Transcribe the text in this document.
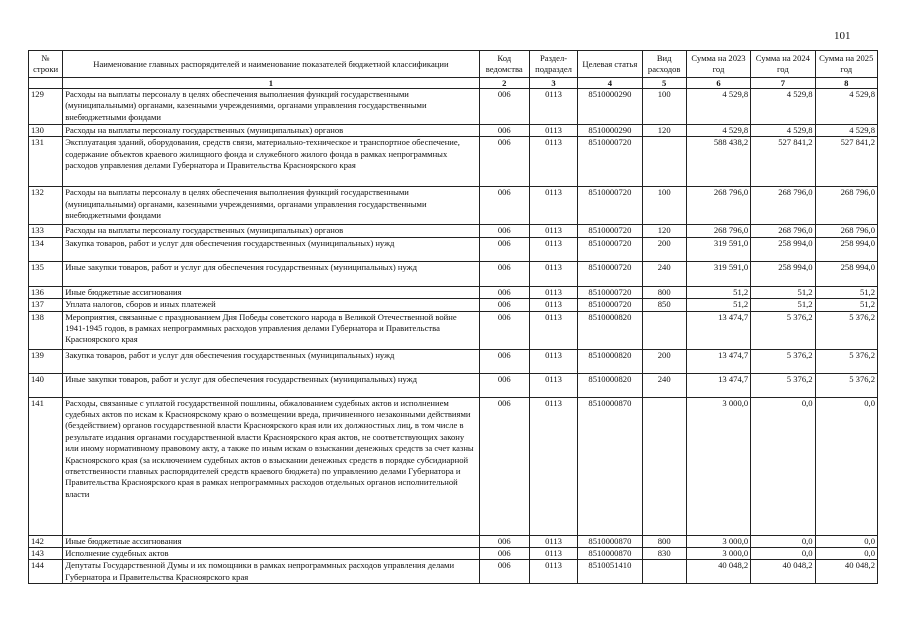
101
№ строки	Наименование главных распорядителей и наименование показателей бюджетной классификации	Код ведомства	Раздел-подраздел	Целевая статья	Вид расходов	Сумма на 2023 год	Сумма на 2024 год	Сумма на 2025 год
	1	2	3	4	5	6	7	8
129	Расходы на выплаты персоналу в целях обеспечения выполнения функций государственными (муниципальными) органами, казенными учреждениями, органами управления государственными внебюджетными фондами	006	0113	8510000290	100	4 529,8	4 529,8	4 529,8
130	Расходы на выплаты персоналу государственных (муниципальных) органов	006	0113	8510000290	120	4 529,8	4 529,8	4 529,8
131	Эксплуатация зданий, оборудования, средств связи, материально-техническое и транспортное обеспечение, содержание объектов краевого жилищного фонда и служебного жилого фонда в рамках непрограммных расходов управления делами Губернатора и Правительства Красноярского края	006	0113	8510000720		588 438,2	527 841,2	527 841,2
132	Расходы на выплаты персоналу в целях обеспечения выполнения функций государственными (муниципальными) органами, казенными учреждениями, органами управления государственными внебюджетными фондами	006	0113	8510000720	100	268 796,0	268 796,0	268 796,0
133	Расходы на выплаты персоналу государственных (муниципальных) органов	006	0113	8510000720	120	268 796,0	268 796,0	268 796,0
134	Закупка товаров, работ и услуг для обеспечения государственных (муниципальных) нужд	006	0113	8510000720	200	319 591,0	258 994,0	258 994,0
135	Иные закупки товаров, работ и услуг для обеспечения государственных (муниципальных) нужд	006	0113	8510000720	240	319 591,0	258 994,0	258 994,0
136	Иные бюджетные ассигнования	006	0113	8510000720	800	51,2	51,2	51,2
137	Уплата налогов, сборов и иных платежей	006	0113	8510000720	850	51,2	51,2	51,2
138	Мероприятия, связанные с празднованием Дня Победы советского народа в Великой Отечественной войне 1941-1945 годов, в рамках непрограммных расходов управления делами Губернатора и Правительства Красноярского края	006	0113	8510000820		13 474,7	5 376,2	5 376,2
139	Закупка товаров, работ и услуг для обеспечения государственных (муниципальных) нужд	006	0113	8510000820	200	13 474,7	5 376,2	5 376,2
140	Иные закупки товаров, работ и услуг для обеспечения государственных (муниципальных) нужд	006	0113	8510000820	240	13 474,7	5 376,2	5 376,2
141	Расходы, связанные с уплатой государственной пошлины, обжалованием судебных актов и исполнением судебных актов по искам к Красноярскому краю о возмещении вреда, причиненного незаконными действиями (бездействием) органов государственной власти Красноярского края или их должностных лиц, в том числе в результате издания органами государственной власти Красноярского края актов, не соответствующих закону или иному нормативному правовому акту, а также по иным искам о взыскании денежных средств за счет казны Красноярского края (за исключением судебных актов о взыскании денежных средств в порядке субсидиарной ответственности главных распорядителей средств краевого бюджета) по управлению делами Губернатора и Правительства Красноярского края в рамках непрограммных расходов отдельных органов исполнительной власти	006	0113	8510000870		3 000,0	0,0	0,0
142	Иные бюджетные ассигнования	006	0113	8510000870	800	3 000,0	0,0	0,0
143	Исполнение судебных актов	006	0113	8510000870	830	3 000,0	0,0	0,0
144	Депутаты Государственной Думы и их помощники в рамках непрограммных расходов управления делами Губернатора и Правительства Красноярского края	006	0113	8510051410		40 048,2	40 048,2	40 048,2
